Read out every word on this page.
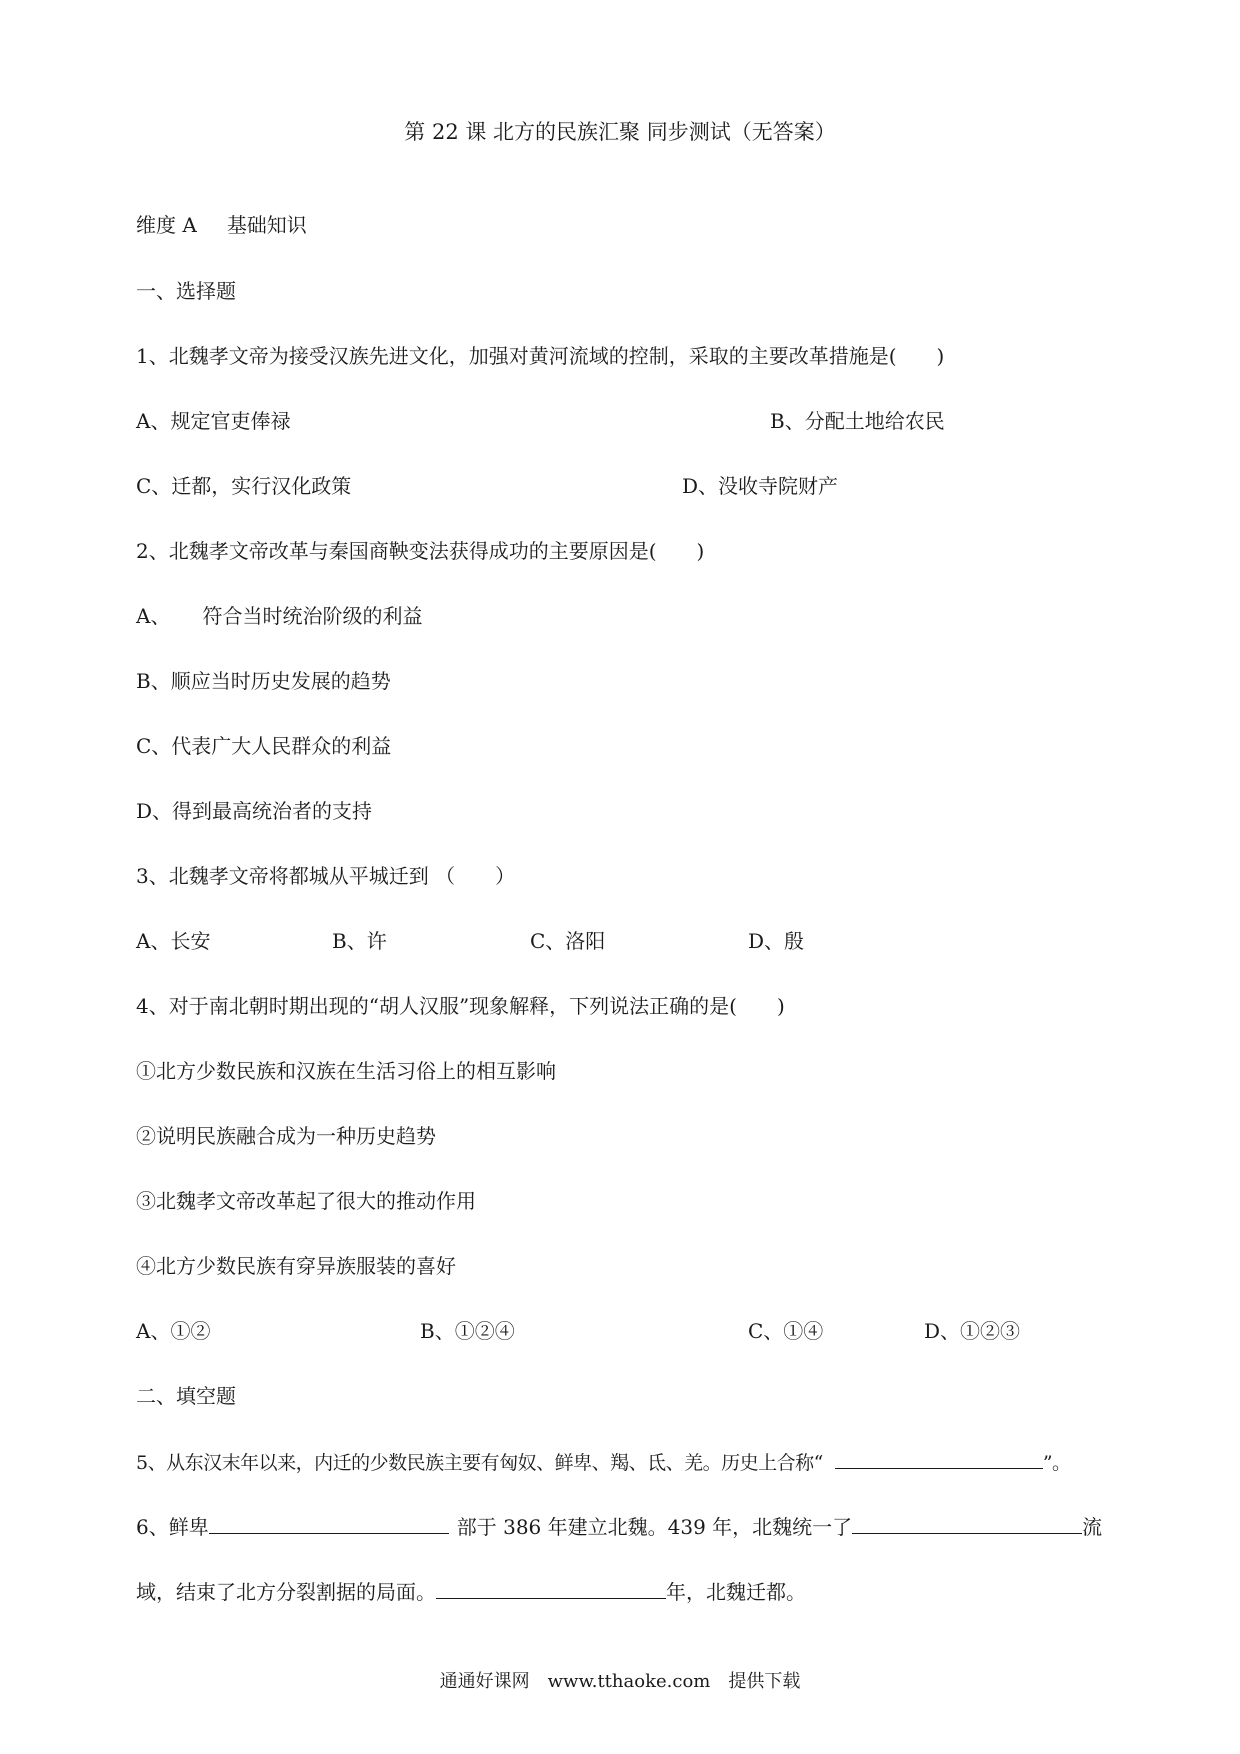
第 22 课 北方的民族汇聚 同步测试（无答案）
维度 A 基础知识
一、选择题
1、北魏孝文帝为接受汉族先进文化，加强对黄河流域的控制，采取的主要改革措施是(　　)
A、规定官吏俸禄	B、分配土地给农民
C、迁都，实行汉化政策	D、没收寺院财产
2、北魏孝文帝改革与秦国商鞅变法获得成功的主要原因是(　　)
A、 符合当时统治阶级的利益
B、顺应当时历史发展的趋势
C、代表广大人民群众的利益
D、得到最高统治者的支持
3、北魏孝文帝将都城从平城迁到 （　　）
A、长安	B、许	C、洛阳	D、殷
4、对于南北朝时期出现的“胡人汉服”现象解释，下列说法正确的是(　　)
①北方少数民族和汉族在生活习俗上的相互影响
②说明民族融合成为一种历史趋势
③北魏孝文帝改革起了很大的推动作用
④北方少数民族有穿异族服装的喜好
A、①②	B、①②④	C、①④	D、①②③
二、填空题
5、从东汉末年以来，内迁的少数民族主要有匈奴、鲜卑、羯、氐、羌。历史上合称“	”。
6、鲜卑	部于 386 年建立北魏。439 年，北魏统一了	流
域，结束了北方分裂割据的局面。	年，北魏迁都。
通通好课网　www.tthaoke.com　提供下载
